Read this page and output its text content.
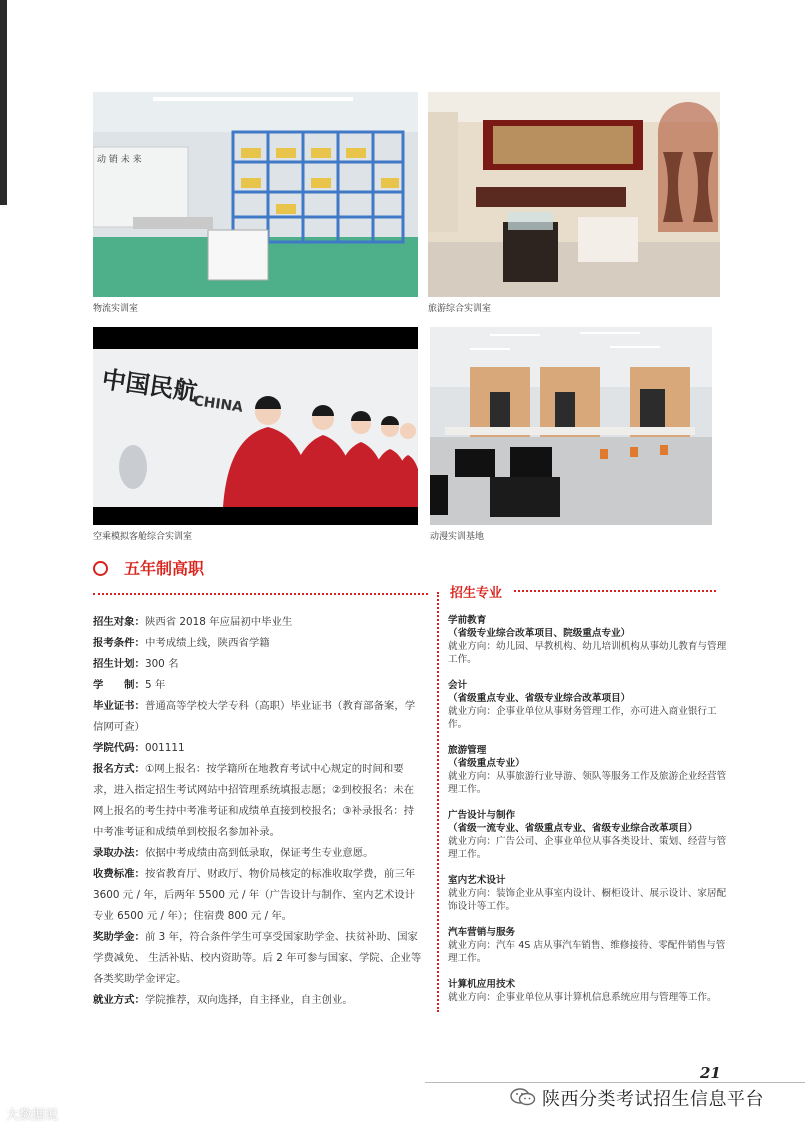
动 销 未 来
物流实训室	旅游综合实训室
中国民航
CHINA
空乘模拟客舱综合实训室	动漫实训基地
五年制高职
招生专业

招生对象：陕西省 2018 年应届初中毕业生

报考条件：中考成绩上线，陕西省学籍

招生计划：300 名

学　　制：5 年

毕业证书：普通高等学校大学专科（高职）毕业证书（教育部备案，学信网可查）

学院代码：001111

报名方式：①网上报名：按学籍所在地教育考试中心规定的时间和要求，进入指定招生考试网站中招管理系统填报志愿；②到校报名：未在网上报名的考生持中考准考证和成绩单直接到校报名；③补录报名：持中考准考证和成绩单到校报名参加补录。

录取办法：依据中考成绩由高到低录取，保证考生专业意愿。

收费标准：按省教育厅、财政厅、物价局核定的标准收取学费，前三年 3600 元 / 年，后两年 5500 元 / 年（广告设计与制作、室内艺术设计专业 6500 元 / 年）；住宿费 800 元 / 年。

奖助学金：前 3 年，符合条件学生可享受国家助学金、扶贫补助、国家学费减免、 生活补贴、校内资助等。后 2 年可参与国家、学院、企业等各类奖助学金评定。

就业方式：学院推荐，双向选择，自主择业，自主创业。

学前教育
（省级专业综合改革项目、院级重点专业）
就业方向：幼儿园、早教机构、幼儿培训机构从事幼儿教育与管理工作。
会计
（省级重点专业、省级专业综合改革项目）
就业方向：企事业单位从事财务管理工作，亦可进入商业银行工作。
旅游管理
（省级重点专业）
就业方向：从事旅游行业导游、领队等服务工作及旅游企业经营管理工作。
广告设计与制作
（省级一流专业、省级重点专业、省级专业综合改革项目）
就业方向：广告公司、企事业单位从事各类设计、策划、经营与管理工作。
室内艺术设计
就业方向：装饰企业从事室内设计、橱柜设计、展示设计、家居配饰设计等工作。
汽车营销与服务
就业方向：汽车 4S 店从事汽车销售、维修接待、零配件销售与管理工作。
计算机应用技术
就业方向：企事业单位从事计算机信息系统应用与管理等工作。
21
陕西分类考试招生信息平台
大数据说
